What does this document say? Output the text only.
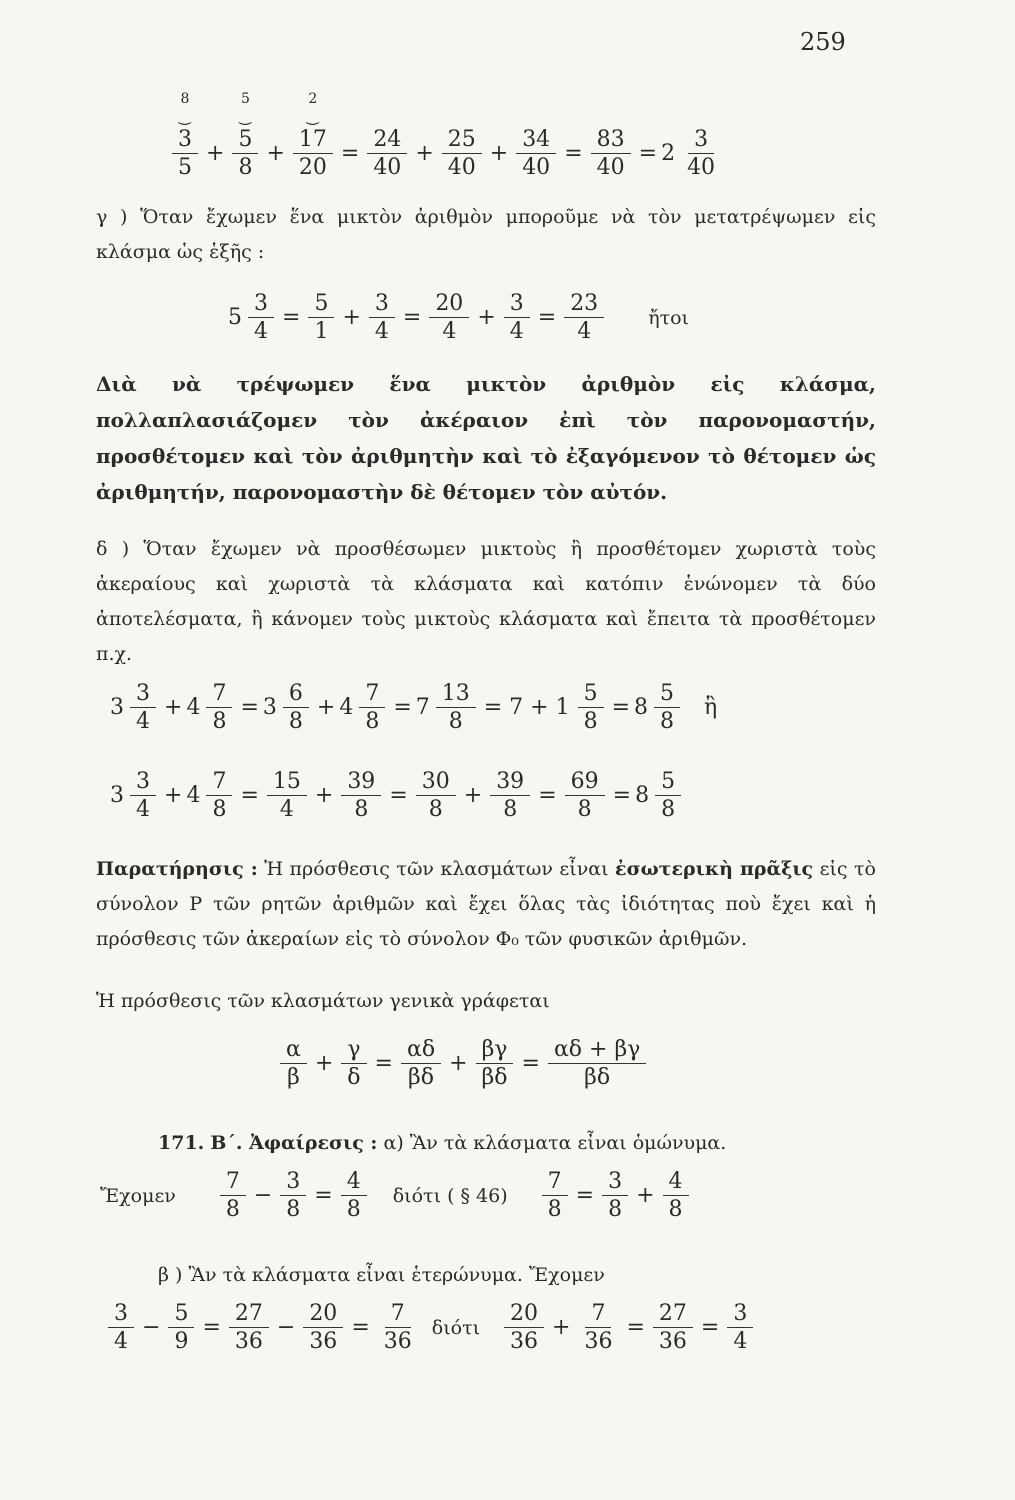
259
8
⏝
3
5
+
5
⏝
5
8
+
2
⏝
17
20
= $\frac{24}{40} + \frac{25}{40} + \frac{34}{40} = \frac{83}{40} = 2 \frac{3}{40}$
γ ) Ὅταν ἔχωμεν ἕνα μικτὸν ἀριθμὸν μποροῦμε νὰ τὸν μετατρέψωμεν εἰς κλάσμα ὡς ἑξῆς :
$5 \frac{3}{4} = \frac{5}{1} + \frac{3}{4} = \frac{20}{4} + \frac{3}{4} = \frac{23}{4}$ ἤτοι
Διὰ νὰ τρέψωμεν ἕνα μικτὸν ἀριθμὸν εἰς κλάσμα, πολλαπλασιάζομεν τὸν ἀκέραιον ἐπὶ τὸν παρονομαστήν, προσθέτομεν καὶ τὸν ἀριθμητὴν καὶ τὸ ἐξαγόμενον τὸ θέτομεν ὡς ἀριθμητήν, παρονομαστὴν δὲ θέτομεν τὸν αὐτόν.
δ ) Ὅταν ἔχωμεν νὰ προσθέσωμεν μικτοὺς ἢ προσθέτομεν χωριστὰ τοὺς ἀκεραίους καὶ χωριστὰ τὰ κλάσματα καὶ κατόπιν ἑνώνομεν τὰ δύο ἀποτελέσματα, ἢ κάνομεν τοὺς μικτοὺς κλάσματα καὶ ἔπειτα τὰ προσθέτομεν π.χ.
$3 \frac{3}{4} + 4 \frac{7}{8} = 3 \frac{6}{8} + 4 \frac{7}{8} = 7 \frac{13}{8} = 7 + 1 \frac{5}{8} = 8 \frac{5}{8}$ ἢ
$3 \frac{3}{4} + 4 \frac{7}{8} = \frac{15}{4} + \frac{39}{8} = \frac{30}{8} + \frac{39}{8} = \frac{69}{8} = 8 \frac{5}{8}$
Παρατήρησις : Ἡ πρόσθεσις τῶν κλασμάτων εἶναι ἐσωτερικὴ πρᾶξις εἰς τὸ σύνολον P τῶν ρητῶν ἀριθμῶν καὶ ἔχει ὅλας τὰς ἰδιότητας ποὺ ἔχει καὶ ἡ πρόσθεσις τῶν ἀκεραίων εἰς τὸ σύνολον Φ₀ τῶν φυσικῶν ἀριθμῶν.
Ἡ πρόσθεσις τῶν κλασμάτων γενικὰ γράφεται
$\frac{\alpha}{\beta} + \frac{\gamma}{\delta} = \frac{\alpha\delta}{\beta\delta} + \frac{\beta\gamma}{\beta\delta} = \frac{\alpha\delta + \beta\gamma}{\beta\delta}$
171. Β΄. Ἀφαίρεσις : α) Ἂν τὰ κλάσματα εἶναι ὁμώνυμα.
Ἔχομεν $\frac{7}{8} - \frac{3}{8} = \frac{4}{8}$ διότι ( § $46) \frac{7}{8} = \frac{3}{8} + \frac{4}{8}$
β ) Ἂν τὰ κλάσματα εἶναι ἑτερώνυμα. Ἔχομεν
$\frac{3}{4} - \frac{5}{9} = \frac{27}{36} - \frac{20}{36} = \frac{7}{36}$ διότι $\frac{20}{36} + \frac{7}{36} = \frac{27}{36} = \frac{3}{4}$
